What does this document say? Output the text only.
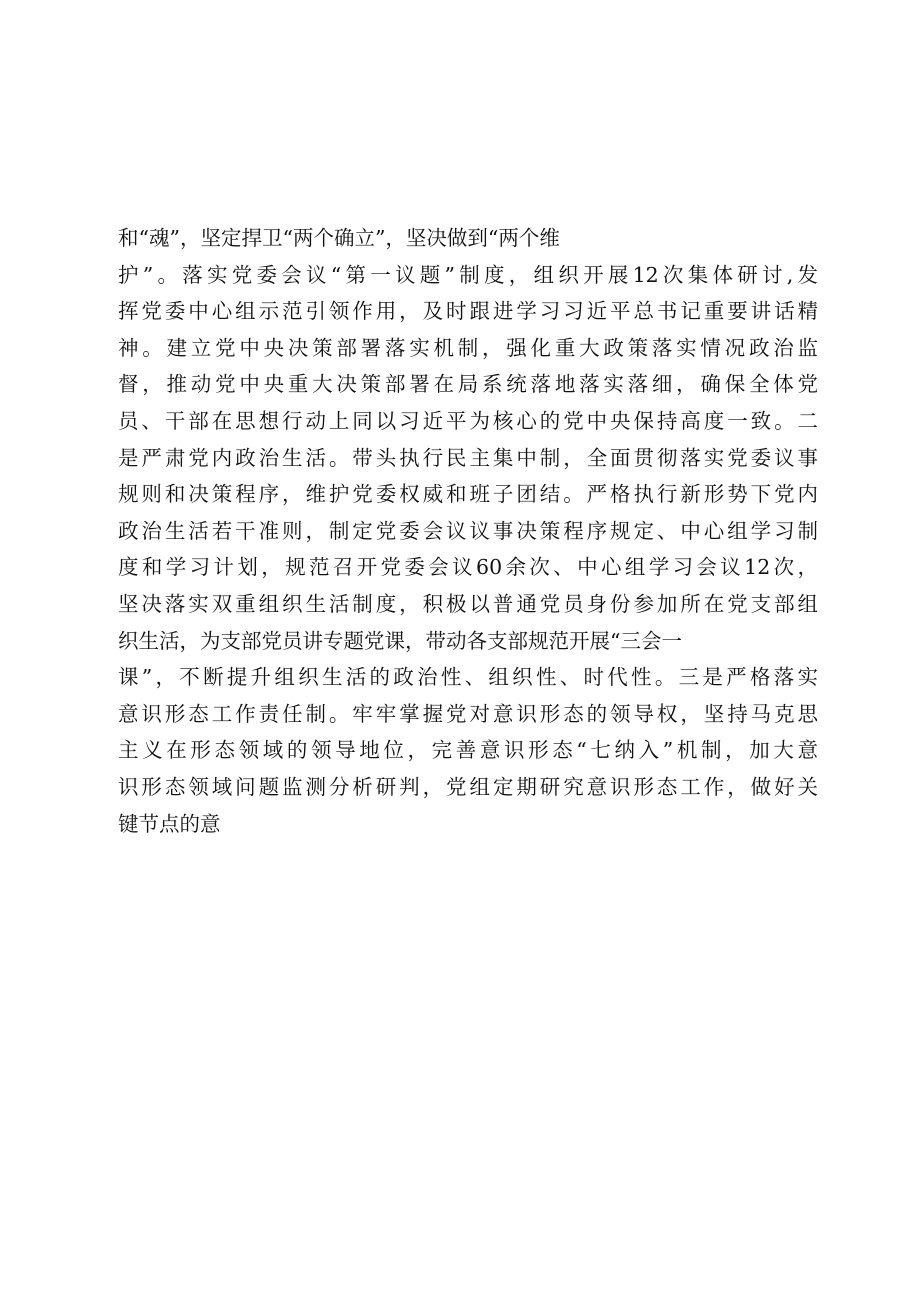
和“魂”，坚定捍卫“两个确立”，坚决做到“两个维
护”。落实党委会议“第一议题”制度，组织开展12次集体研讨,发
挥党委中心组示范引领作用，及时跟进学习习近平总书记重要讲话精
神。建立党中央决策部署落实机制，强化重大政策落实情况政治监
督，推动党中央重大决策部署在局系统落地落实落细，确保全体党
员、干部在思想行动上同以习近平为核心的党中央保持高度一致。二
是严肃党内政治生活。带头执行民主集中制，全面贯彻落实党委议事
规则和决策程序，维护党委权威和班子团结。严格执行新形势下党内
政治生活若干准则，制定党委会议议事决策程序规定、中心组学习制
度和学习计划，规范召开党委会议60余次、中心组学习会议12次，
坚决落实双重组织生活制度，积极以普通党员身份参加所在党支部组
织生活，为支部党员讲专题党课，带动各支部规范开展“三会一
课”，不断提升组织生活的政治性、组织性、时代性。三是严格落实
意识形态工作责任制。牢牢掌握党对意识形态的领导权，坚持马克思
主义在形态领域的领导地位，完善意识形态“七纳入”机制，加大意
识形态领域问题监测分析研判，党组定期研究意识形态工作，做好关
键节点的意
